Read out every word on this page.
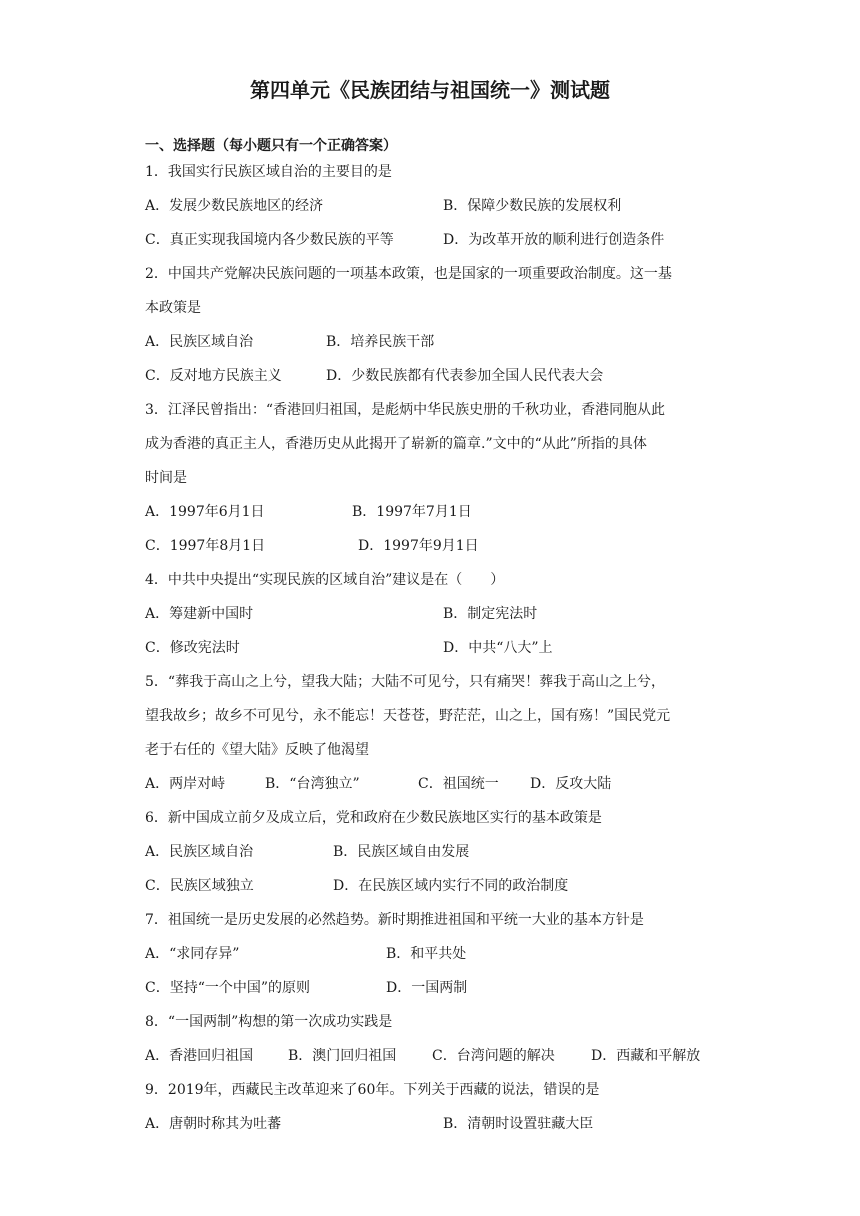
第四单元《民族团结与祖国统一》测试题
一、选择题（每小题只有一个正确答案）
1．我国实行民族区域自治的主要目的是
A．发展少数民族地区的经济	B．保障少数民族的发展权利
C．真正实现我国境内各少数民族的平等	D．为改革开放的顺利进行创造条件
2．中国共产党解决民族问题的一项基本政策，也是国家的一项重要政治制度。这一基
本政策是
A．民族区域自治	B．培养民族干部
C．反对地方民族主义	D．少数民族都有代表参加全国人民代表大会
3．江泽民曾指出：“香港回归祖国，是彪炳中华民族史册的千秋功业，香港同胞从此
成为香港的真正主人，香港历史从此揭开了崭新的篇章.”文中的“从此”所指的具体
时间是
A．1997年6月1日	B．1997年7月1日
C．1997年8月1日	D．1997年9月1日
4．中共中央提出“实现民族的区域自治”建议是在（　　）
A．筹建新中国时	B．制定宪法时
C．修改宪法时	D．中共“八大”上
5．“葬我于高山之上兮，望我大陆；大陆不可见兮，只有痛哭！葬我于高山之上兮，
望我故乡；故乡不可见兮，永不能忘！天苍苍，野茫茫，山之上，国有殇！”国民党元
老于右任的《望大陆》反映了他渴望
A．两岸对峙	B．“台湾独立”	C．祖国统一 D．反攻大陆
6．新中国成立前夕及成立后，党和政府在少数民族地区实行的基本政策是
A．民族区域自治	B．民族区域自由发展
C．民族区域独立	D．在民族区域内实行不同的政治制度
7．祖国统一是历史发展的必然趋势。新时期推进祖国和平统一大业的基本方针是
A．“求同存异”	B．和平共处
C．坚持“一个中国”的原则	D．一国两制
8．“一国两制”构想的第一次成功实践是
A．香港回归祖国 B．澳门回归祖国	C．台湾问题的解决	D．西藏和平解放
9．2019年，西藏民主改革迎来了60年。下列关于西藏的说法，错误的是
A．唐朝时称其为吐蕃	B．清朝时设置驻藏大臣
